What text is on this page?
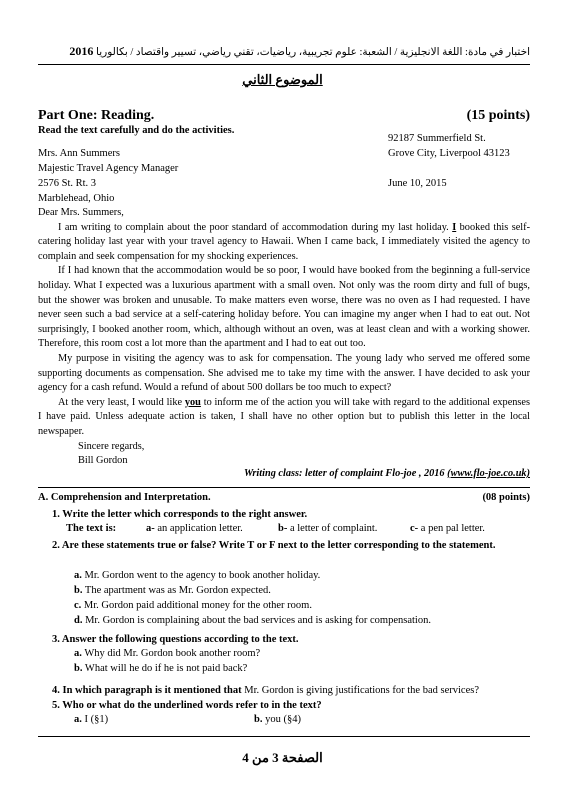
اختبار في مادة: اللغة الانجليزية / الشعبة: علوم تجريبية، رياضيات، تقني رياضي، تسيير واقتصاد / بكالوريا 2016
الموضوع الثاني
Part One: Reading.	(15 points)
Read the text carefully and do the activities.
92187 Summerfield St.
Grove City, Liverpool 43123
Mrs. Ann Summers
Majestic Travel Agency Manager
2576 St. Rt. 3
Marblehead, Ohio
June 10, 2015

Dear Mrs. Summers,

I am writing to complain about the poor standard of accommodation during my last holiday. I booked this self-catering holiday last year with your travel agency to Hawaii. When I came back, I immediately visited the agency to complain and seek compensation for my shocking experiences.

If I had known that the accommodation would be so poor, I would have booked from the beginning a full-service holiday. What I expected was a luxurious apartment with a small oven. Not only was the room dirty and full of bugs, but the shower was broken and unusable. To make matters even worse, there was no oven as I had requested. I have never seen such a bad service at a self-catering holiday before. You can imagine my anger when I had to eat out. Not surprisingly, I booked another room, which, although without an oven, was at least clean and with a working shower. Therefore, this room cost a lot more than the apartment and I had to eat out too.

My purpose in visiting the agency was to ask for compensation. The young lady who served me offered some supporting documents as compensation. She advised me to take my time with the answer. I have decided to ask your agency for a cash refund. Would a refund of about 500 dollars be too much to expect?

At the very least, I would like you to inform me of the action you will take with regard to the additional expenses I have paid. Unless adequate action is taken, I shall have no other option but to publish this letter in the local newspaper.

Sincere regards,
Bill Gordon
Writing class: letter of complaint Flo-joe , 2016 (www.flo-joe.co.uk)
A. Comprehension and Interpretation.	(08 points)
1. Write the letter which corresponds to the right answer.
The text is:	a- an application letter.	b- a letter of complaint.	c- a pen pal letter.
2. Are these statements true or false? Write T or F next to the letter corresponding to the statement.
a. Mr. Gordon went to the agency to book another holiday.
b. The apartment was as Mr. Gordon expected.
c. Mr. Gordon paid additional money for the other room.
d. Mr. Gordon is complaining about the bad services and is asking for compensation.
3. Answer the following questions according to the text.
a. Why did Mr. Gordon book another room?
b. What will he do if he is not paid back?
4. In which paragraph is it mentioned that Mr. Gordon is giving justifications for the bad services?
5. Who or what do the underlined words refer to in the text?
a. I (§1)	b. you (§4)
الصفحة 3 من 4
